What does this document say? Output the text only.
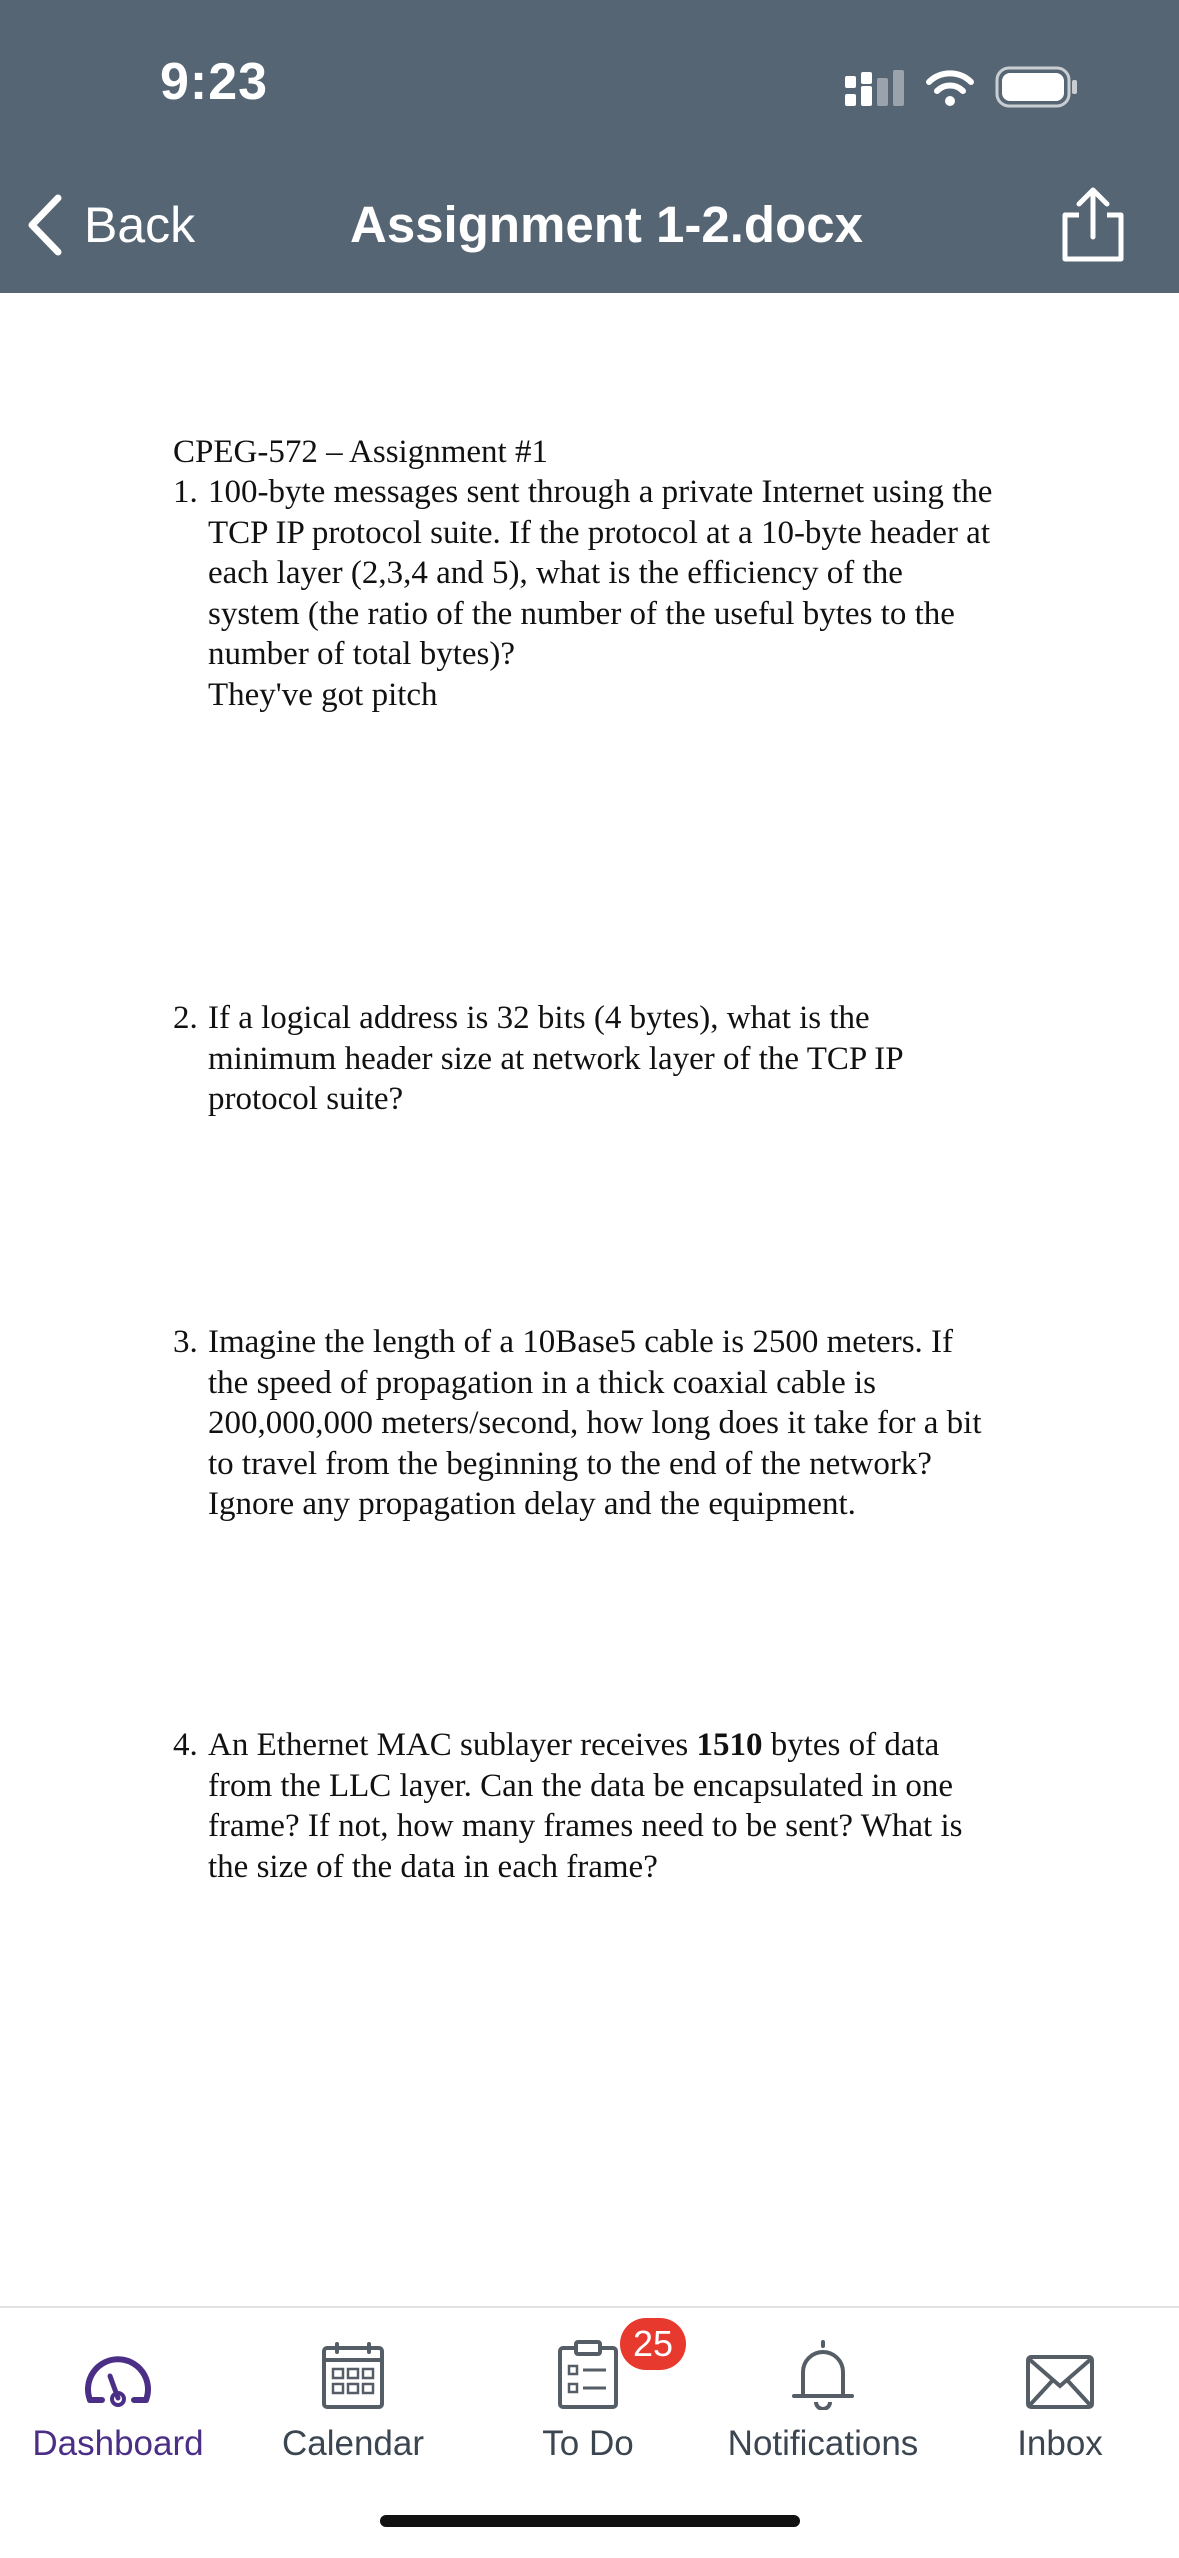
9:23
Back	Assignment 1-2.docx

CPEG-572 – Assignment #1

1. 100-byte messages sent through a private Internet using the
TCP IP protocol suite. If the protocol at a 10-byte header at
each layer (2,3,4 and 5), what is the efficiency of the
system (the ratio of the number of the useful bytes to the
number of total bytes)?
They've got pitch
2. If a logical address is 32 bits (4 bytes), what is the
minimum header size at network layer of the TCP IP
protocol suite?
3. Imagine the length of a 10Base5 cable is 2500 meters. If
the speed of propagation in a thick coaxial cable is
200,000,000 meters/second, how long does it take for a bit
to travel from the beginning to the end of the network?
Ignore any propagation delay and the equipment.
4. An Ethernet MAC sublayer receives 1510 bytes of data
from the LLC layer. Can the data be encapsulated in one
frame? If not, how many frames need to be sent? What is
the size of the data in each frame?
Dashboard Calendar	To Do
25
Notifications	Inbox
